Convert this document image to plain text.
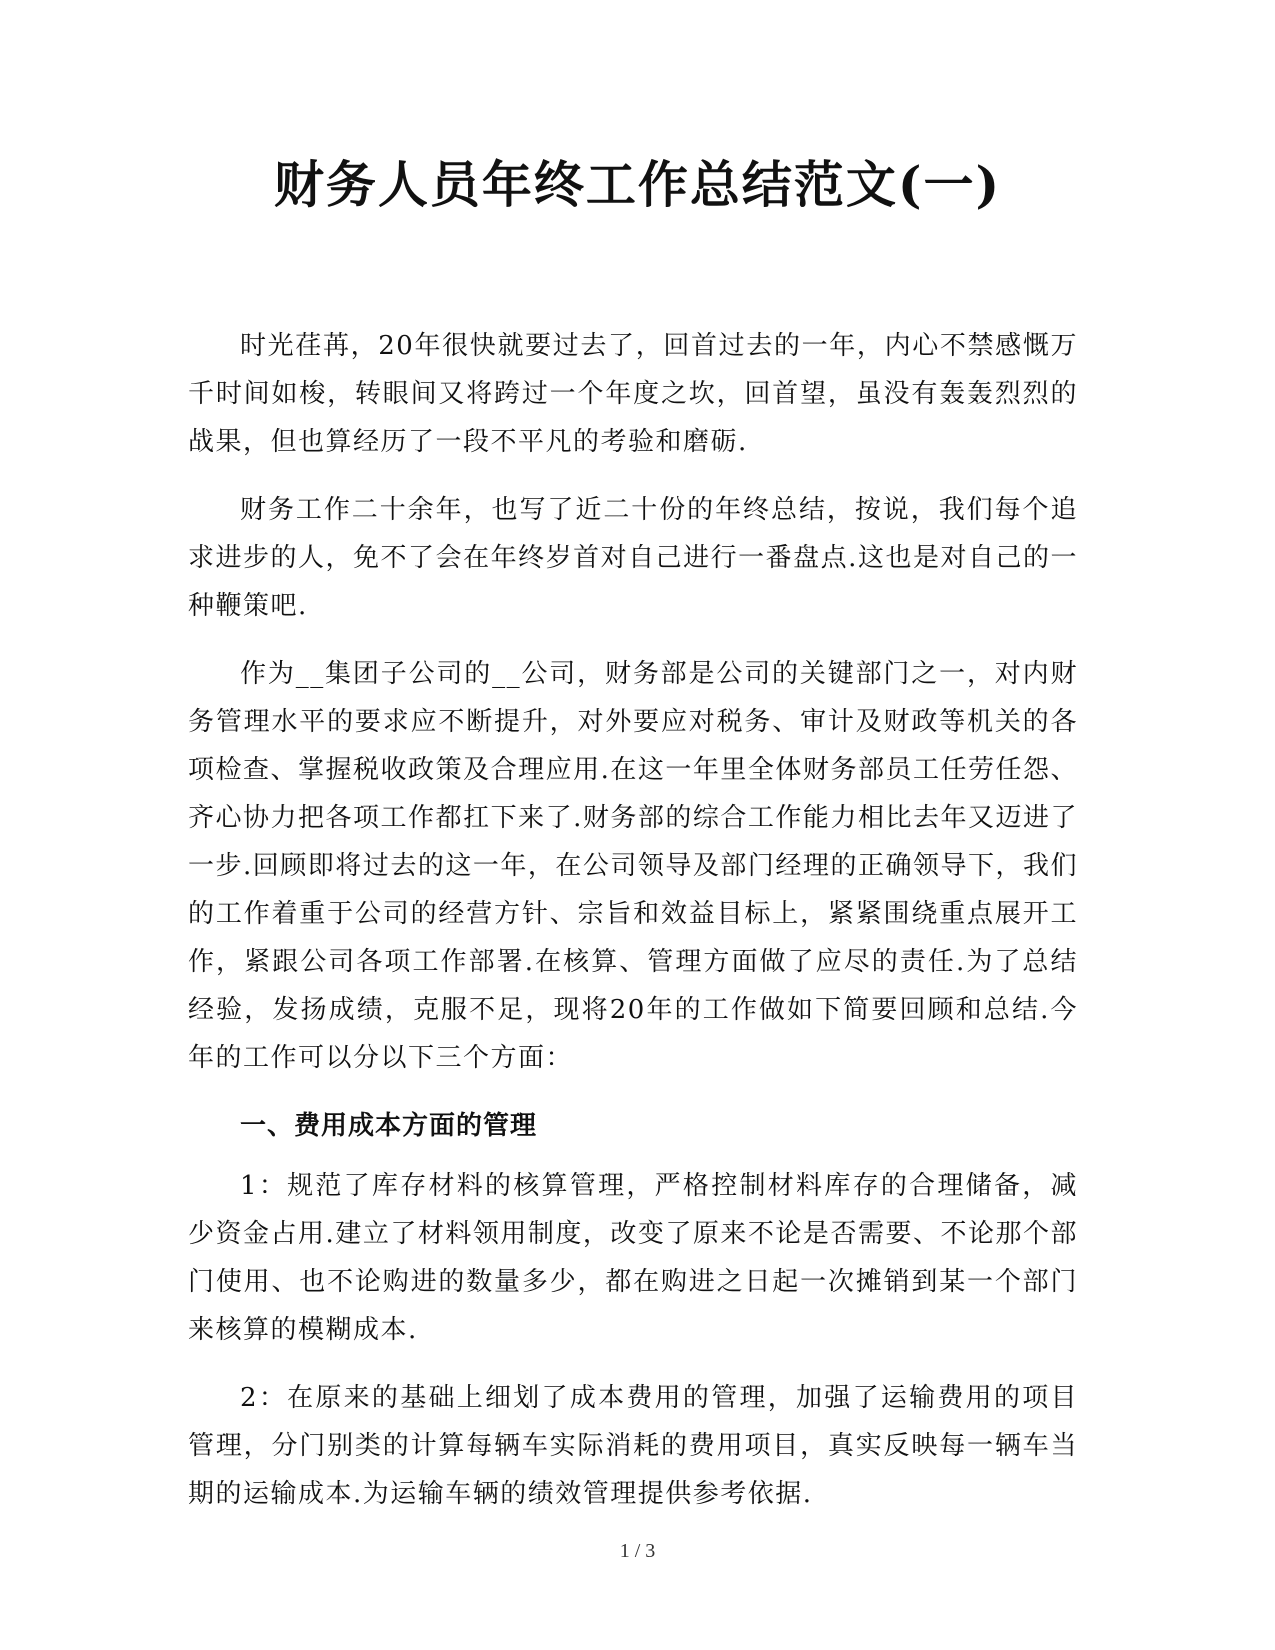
财务人员年终工作总结范文(一)

时光荏苒，20年很快就要过去了，回首过去的一年，内心不禁感慨万千时间如梭，转眼间又将跨过一个年度之坎，回首望，虽没有轰轰烈烈的战果，但也算经历了一段不平凡的考验和磨砺.

财务工作二十余年，也写了近二十份的年终总结，按说，我们每个追求进步的人，免不了会在年终岁首对自己进行一番盘点.这也是对自己的一种鞭策吧.

作为__集团子公司的__公司，财务部是公司的关键部门之一，对内财务管理水平的要求应不断提升，对外要应对税务、审计及财政等机关的各项检查、掌握税收政策及合理应用.在这一年里全体财务部员工任劳任怨、齐心协力把各项工作都扛下来了.财务部的综合工作能力相比去年又迈进了一步.回顾即将过去的这一年，在公司领导及部门经理的正确领导下，我们的工作着重于公司的经营方针、宗旨和效益目标上，紧紧围绕重点展开工作，紧跟公司各项工作部署.在核算、管理方面做了应尽的责任.为了总结经验，发扬成绩，克服不足，现将20年的工作做如下简要回顾和总结.今年的工作可以分以下三个方面：

一、费用成本方面的管理

1：规范了库存材料的核算管理，严格控制材料库存的合理储备，减少资金占用.建立了材料领用制度，改变了原来不论是否需要、不论那个部门使用、也不论购进的数量多少，都在购进之日起一次摊销到某一个部门来核算的模糊成本.

2：在原来的基础上细划了成本费用的管理，加强了运输费用的项目管理，分门别类的计算每辆车实际消耗的费用项目，真实反映每一辆车当期的运输成本.为运输车辆的绩效管理提供参考依据.

1 / 3
